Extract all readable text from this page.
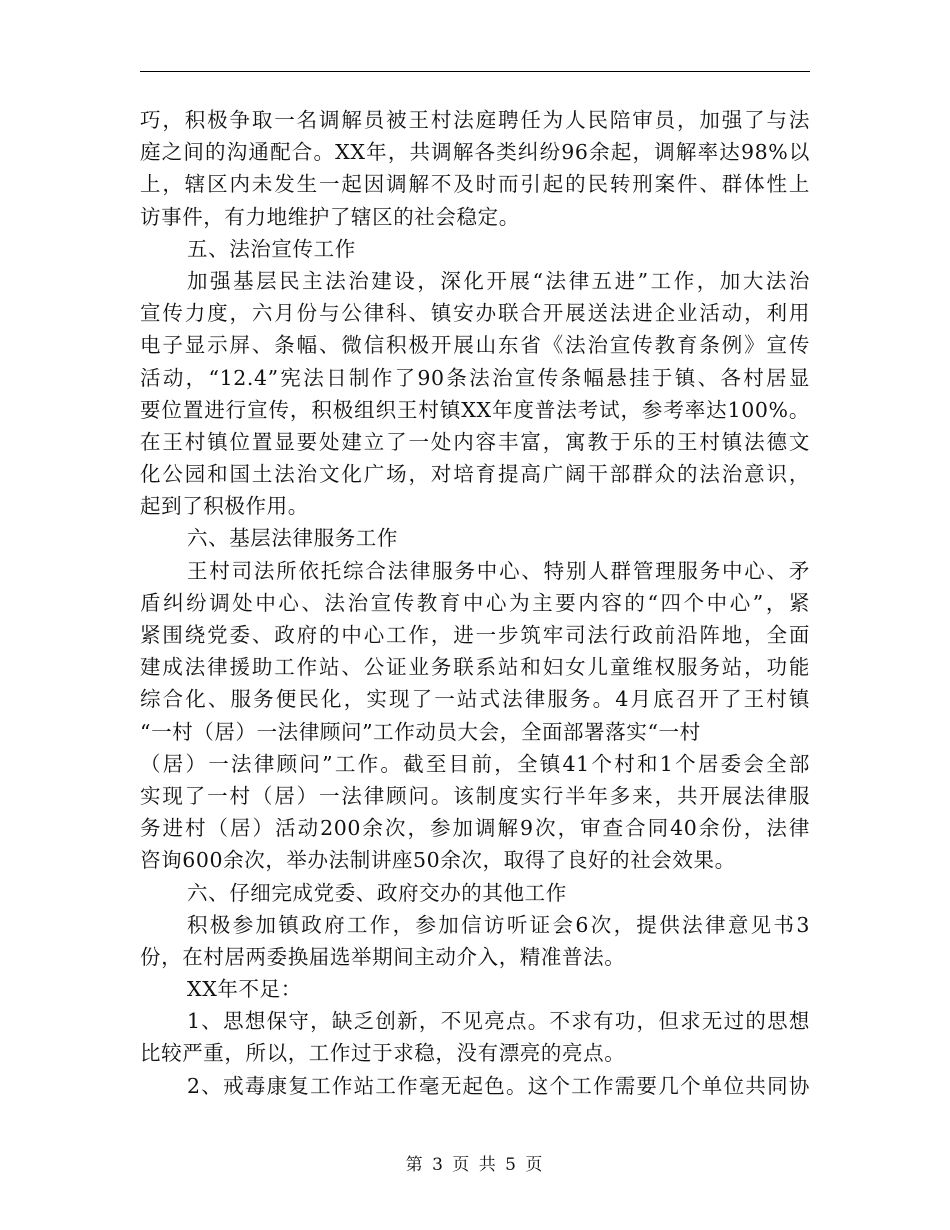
巧，积极争取一名调解员被王村法庭聘任为人民陪审员，加强了与法
庭之间的沟通配合。XX年，共调解各类纠纷96余起，调解率达98%以
上，辖区内未发生一起因调解不及时而引起的民转刑案件、群体性上
访事件，有力地维护了辖区的社会稳定。
五、法治宣传工作
加强基层民主法治建设，深化开展“法律五进”工作，加大法治
宣传力度，六月份与公律科、镇安办联合开展送法进企业活动，利用
电子显示屏、条幅、微信积极开展山东省《法治宣传教育条例》宣传
活动，“12.4”宪法日制作了90条法治宣传条幅悬挂于镇、各村居显
要位置进行宣传，积极组织王村镇XX年度普法考试，参考率达100%。
在王村镇位置显要处建立了一处内容丰富，寓教于乐的王村镇法德文
化公园和国土法治文化广场，对培育提高广阔干部群众的法治意识，
起到了积极作用。
六、基层法律服务工作
王村司法所依托综合法律服务中心、特别人群管理服务中心、矛
盾纠纷调处中心、法治宣传教育中心为主要内容的“四个中心”，紧
紧围绕党委、政府的中心工作，进一步筑牢司法行政前沿阵地，全面
建成法律援助工作站、公证业务联系站和妇女儿童维权服务站，功能
综合化、服务便民化，实现了一站式法律服务。4月底召开了王村镇
“一村（居）一法律顾问”工作动员大会，全面部署落实“一村
（居）一法律顾问”工作。截至目前，全镇41个村和1个居委会全部
实现了一村（居）一法律顾问。该制度实行半年多来，共开展法律服
务进村（居）活动200余次，参加调解9次，审查合同40余份，法律
咨询600余次，举办法制讲座50余次，取得了良好的社会效果。
六、仔细完成党委、政府交办的其他工作
积极参加镇政府工作，参加信访听证会6次，提供法律意见书3
份，在村居两委换届选举期间主动介入，精准普法。
XX年不足：
1、思想保守，缺乏创新，不见亮点。不求有功，但求无过的思想
比较严重，所以，工作过于求稳，没有漂亮的亮点。
2、戒毒康复工作站工作毫无起色。这个工作需要几个单位共同协
第 3 页 共 5 页
